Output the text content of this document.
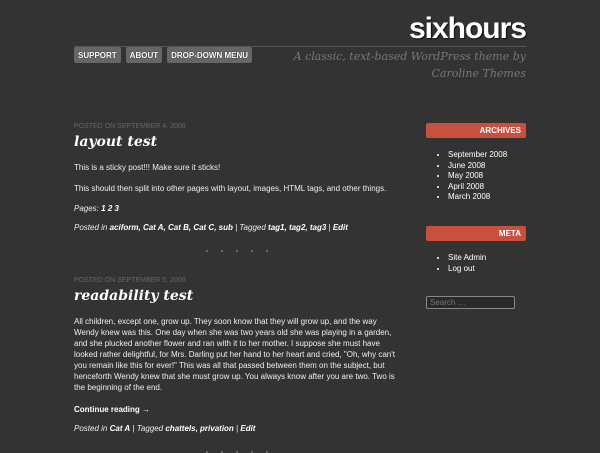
sixhours
SUPPORT	ABOUT	DROP-DOWN MENU	A classic, text-based WordPress theme by Caroline Themes
POSTED ON SEPTEMBER 4, 2008
layout test

This is a sticky post!!! Make sure it sticks!

This should then split into other pages with layout, images, HTML tags, and other things.

Pages: 1 2 3

Posted in aciform, Cat A, Cat B, Cat C, sub | Tagged tag1, tag2, tag3 | Edit

POSTED ON SEPTEMBER 5, 2008
readability test

All children, except one, grow up. They soon know that they will grow up, and the way Wendy knew was this. One day when she was two years old she was playing in a garden, and she plucked another flower and ran with it to her mother. I suppose she must have looked rather delightful, for Mrs. Darling put her hand to her heart and cried, "Oh, why can't you remain like this for ever!" This was all that passed between them on the subject, but henceforth Wendy knew that she must grow up. You always know after you are two. Two is the beginning of the end.

Continue reading →

Posted in Cat A | Tagged chattels, privation | Edit

ARCHIVES
• September 2008
• June 2008
• May 2008
• April 2008
• March 2008
META
• Site Admin
• Log out
Search …
